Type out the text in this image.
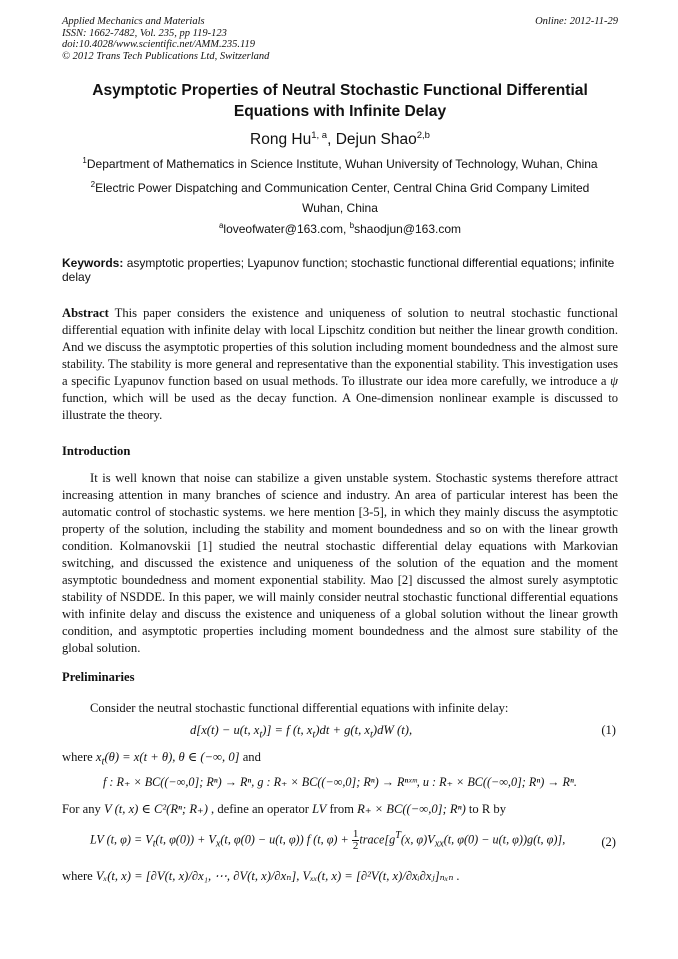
Applied Mechanics and Materials
ISSN: 1662-7482, Vol. 235, pp 119-123
doi:10.4028/www.scientific.net/AMM.235.119
© 2012 Trans Tech Publications Ltd, Switzerland
Online: 2012-11-29
Asymptotic Properties of Neutral Stochastic Functional Differential
Equations with Infinite Delay
Rong Hu$^{1, a}$, Dejun Shao$^{2,b}$
$^1$Department of Mathematics in Science Institute, Wuhan University of Technology, Wuhan, China
$^2$Electric Power Dispatching and Communication Center, Central China Grid Company Limited
Wuhan, China
$^a$loveofwater@163.com, $^b$shaodjun@163.com
Keywords: asymptotic properties; Lyapunov function; stochastic functional differential equations; infinite delay
Abstract This paper considers the existence and uniqueness of solution to neutral stochastic functional differential equation with infinite delay with local Lipschitz condition but neither the linear growth condition. And we discuss the asymptotic properties of this solution including moment boundedness and the almost sure stability. The stability is more general and representative than the exponential stability. This investigation uses a specific Lyapunov function based on usual methods. To illustrate our idea more carefully, we introduce a ψ function, which will be used as the decay function. A One-dimension nonlinear example is discussed to illustrate the theory.
Introduction
It is well known that noise can stabilize a given unstable system. Stochastic systems therefore attract increasing attention in many branches of science and industry. An area of particular interest has been the automatic control of stochastic systems. we here mention [3-5], in which they mainly discuss the asymptotic property of the solution, including the stability and moment boundedness and so on with the linear growth condition. Kolmanovskii [1] studied the neutral stochastic differential delay equations with Markovian switching, and discussed the existence and uniqueness of the solution of the equation and the moment asymptotic boundedness and moment exponential stability. Mao [2] discussed the almost surely asymptotic stability of NSDDE. In this paper, we will mainly consider neutral stochastic functional differential equations with infinite delay and discuss the existence and uniqueness of a global solution without the linear growth condition, and asymptotic properties including moment boundedness and the almost sure stability of the global solution.
Preliminaries
Consider the neutral stochastic functional differential equations with infinite delay:
d[x(t) − u(t, $x_t)] = f$ (t, $x_t)dt + g(t$, $x_t)dW$ (t),	(1)
where $x_t(\theta) = x(t + \theta)$, θ ∈ (−∞, 0] and
f : R₊ × BC((−∞,0]; Rⁿ) → Rⁿ, g : R₊ × BC((−∞,0]; Rⁿ) → Rⁿˣᵐ, u : R₊ × BC((−∞,0]; Rⁿ) → Rⁿ.
For any V (t, x) ∈ C²(Rⁿ; R₊) , define an operator LV from R₊ × BC((−∞,0]; Rⁿ) to R by
LV (t, $\varphi) = V_t(t$, $\varphi(0)) + V_x(t$, φ(0) − u(t, φ)) f (t, $\varphi) + \frac{1}{2}$ $trace[g^T(x$, $\varphi)V_{xx}(t$, φ(0) − u(t, φ))g(t, φ)],	(2)
where Vₓ(t, x) = [∂V(t, x)/∂x₁, ⋯, ∂V(t, x)/∂xₙ], Vₓₓ(t, x) = [∂²V(t, x)/∂xᵢ∂xⱼ]ₙₓₙ .
